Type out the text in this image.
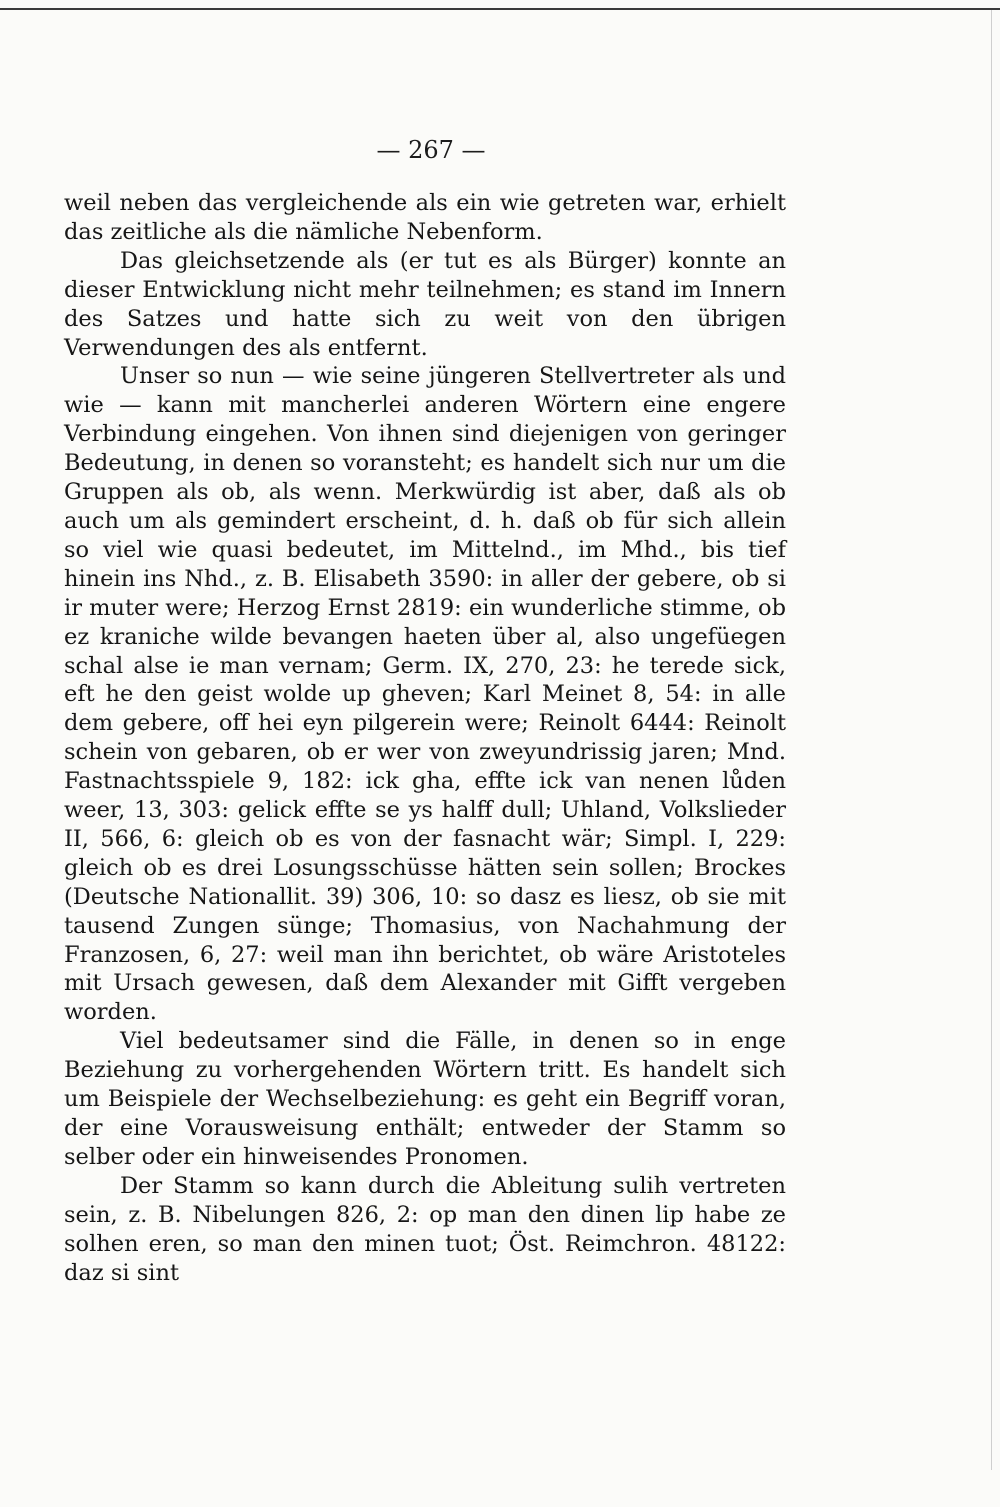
— 267 —

weil neben das vergleichende als ein wie getreten war, erhielt das zeitliche als die nämliche Nebenform.

Das gleichsetzende als (er tut es als Bürger) konnte an dieser Entwicklung nicht mehr teilnehmen; es stand im Innern des Satzes und hatte sich zu weit von den übrigen Verwendungen des als entfernt.

Unser so nun — wie seine jüngeren Stellvertreter als und wie — kann mit mancherlei anderen Wörtern eine engere Verbindung eingehen. Von ihnen sind diejenigen von geringer Bedeutung, in denen so voransteht; es handelt sich nur um die Gruppen als ob, als wenn. Merkwürdig ist aber, daß als ob auch um als gemindert erscheint, d. h. daß ob für sich allein so viel wie quasi bedeutet, im Mittelnd., im Mhd., bis tief hinein ins Nhd., z. B. Elisabeth 3590: in aller der gebere, ob si ir muter were; Herzog Ernst 2819: ein wunderliche stimme, ob ez kraniche wilde bevangen haeten über al, also ungefüegen schal alse ie man vernam; Germ. IX, 270, 23: he terede sick, eft he den geist wolde up gheven; Karl Meinet 8, 54: in alle dem gebere, off hei eyn pilgerein were; Reinolt 6444: Reinolt schein von gebaren, ob er wer von zweyundrissig jaren; Mnd. Fastnachtsspiele 9, 182: ick gha, effte ick van nenen lůden weer, 13, 303: gelick effte se ys halff dull; Uhland, Volkslieder II, 566, 6: gleich ob es von der fasnacht wär; Simpl. I, 229: gleich ob es drei Losungsschüsse hätten sein sollen; Brockes (Deutsche Nationallit. 39) 306, 10: so dasz es liesz, ob sie mit tausend Zungen sünge; Thomasius, von Nachahmung der Franzosen, 6, 27: weil man ihn berichtet, ob wäre Aristoteles mit Ursach gewesen, daß dem Alexander mit Gifft vergeben worden.

Viel bedeutsamer sind die Fälle, in denen so in enge Beziehung zu vorhergehenden Wörtern tritt. Es handelt sich um Beispiele der Wechselbeziehung: es geht ein Begriff voran, der eine Vorausweisung enthält; entweder der Stamm so selber oder ein hinweisendes Pronomen.

Der Stamm so kann durch die Ableitung sulih vertreten sein, z. B. Nibelungen 826, 2: op man den dinen lip habe ze solhen eren, so man den minen tuot; Öst. Reimchron. 48122: daz si sint
